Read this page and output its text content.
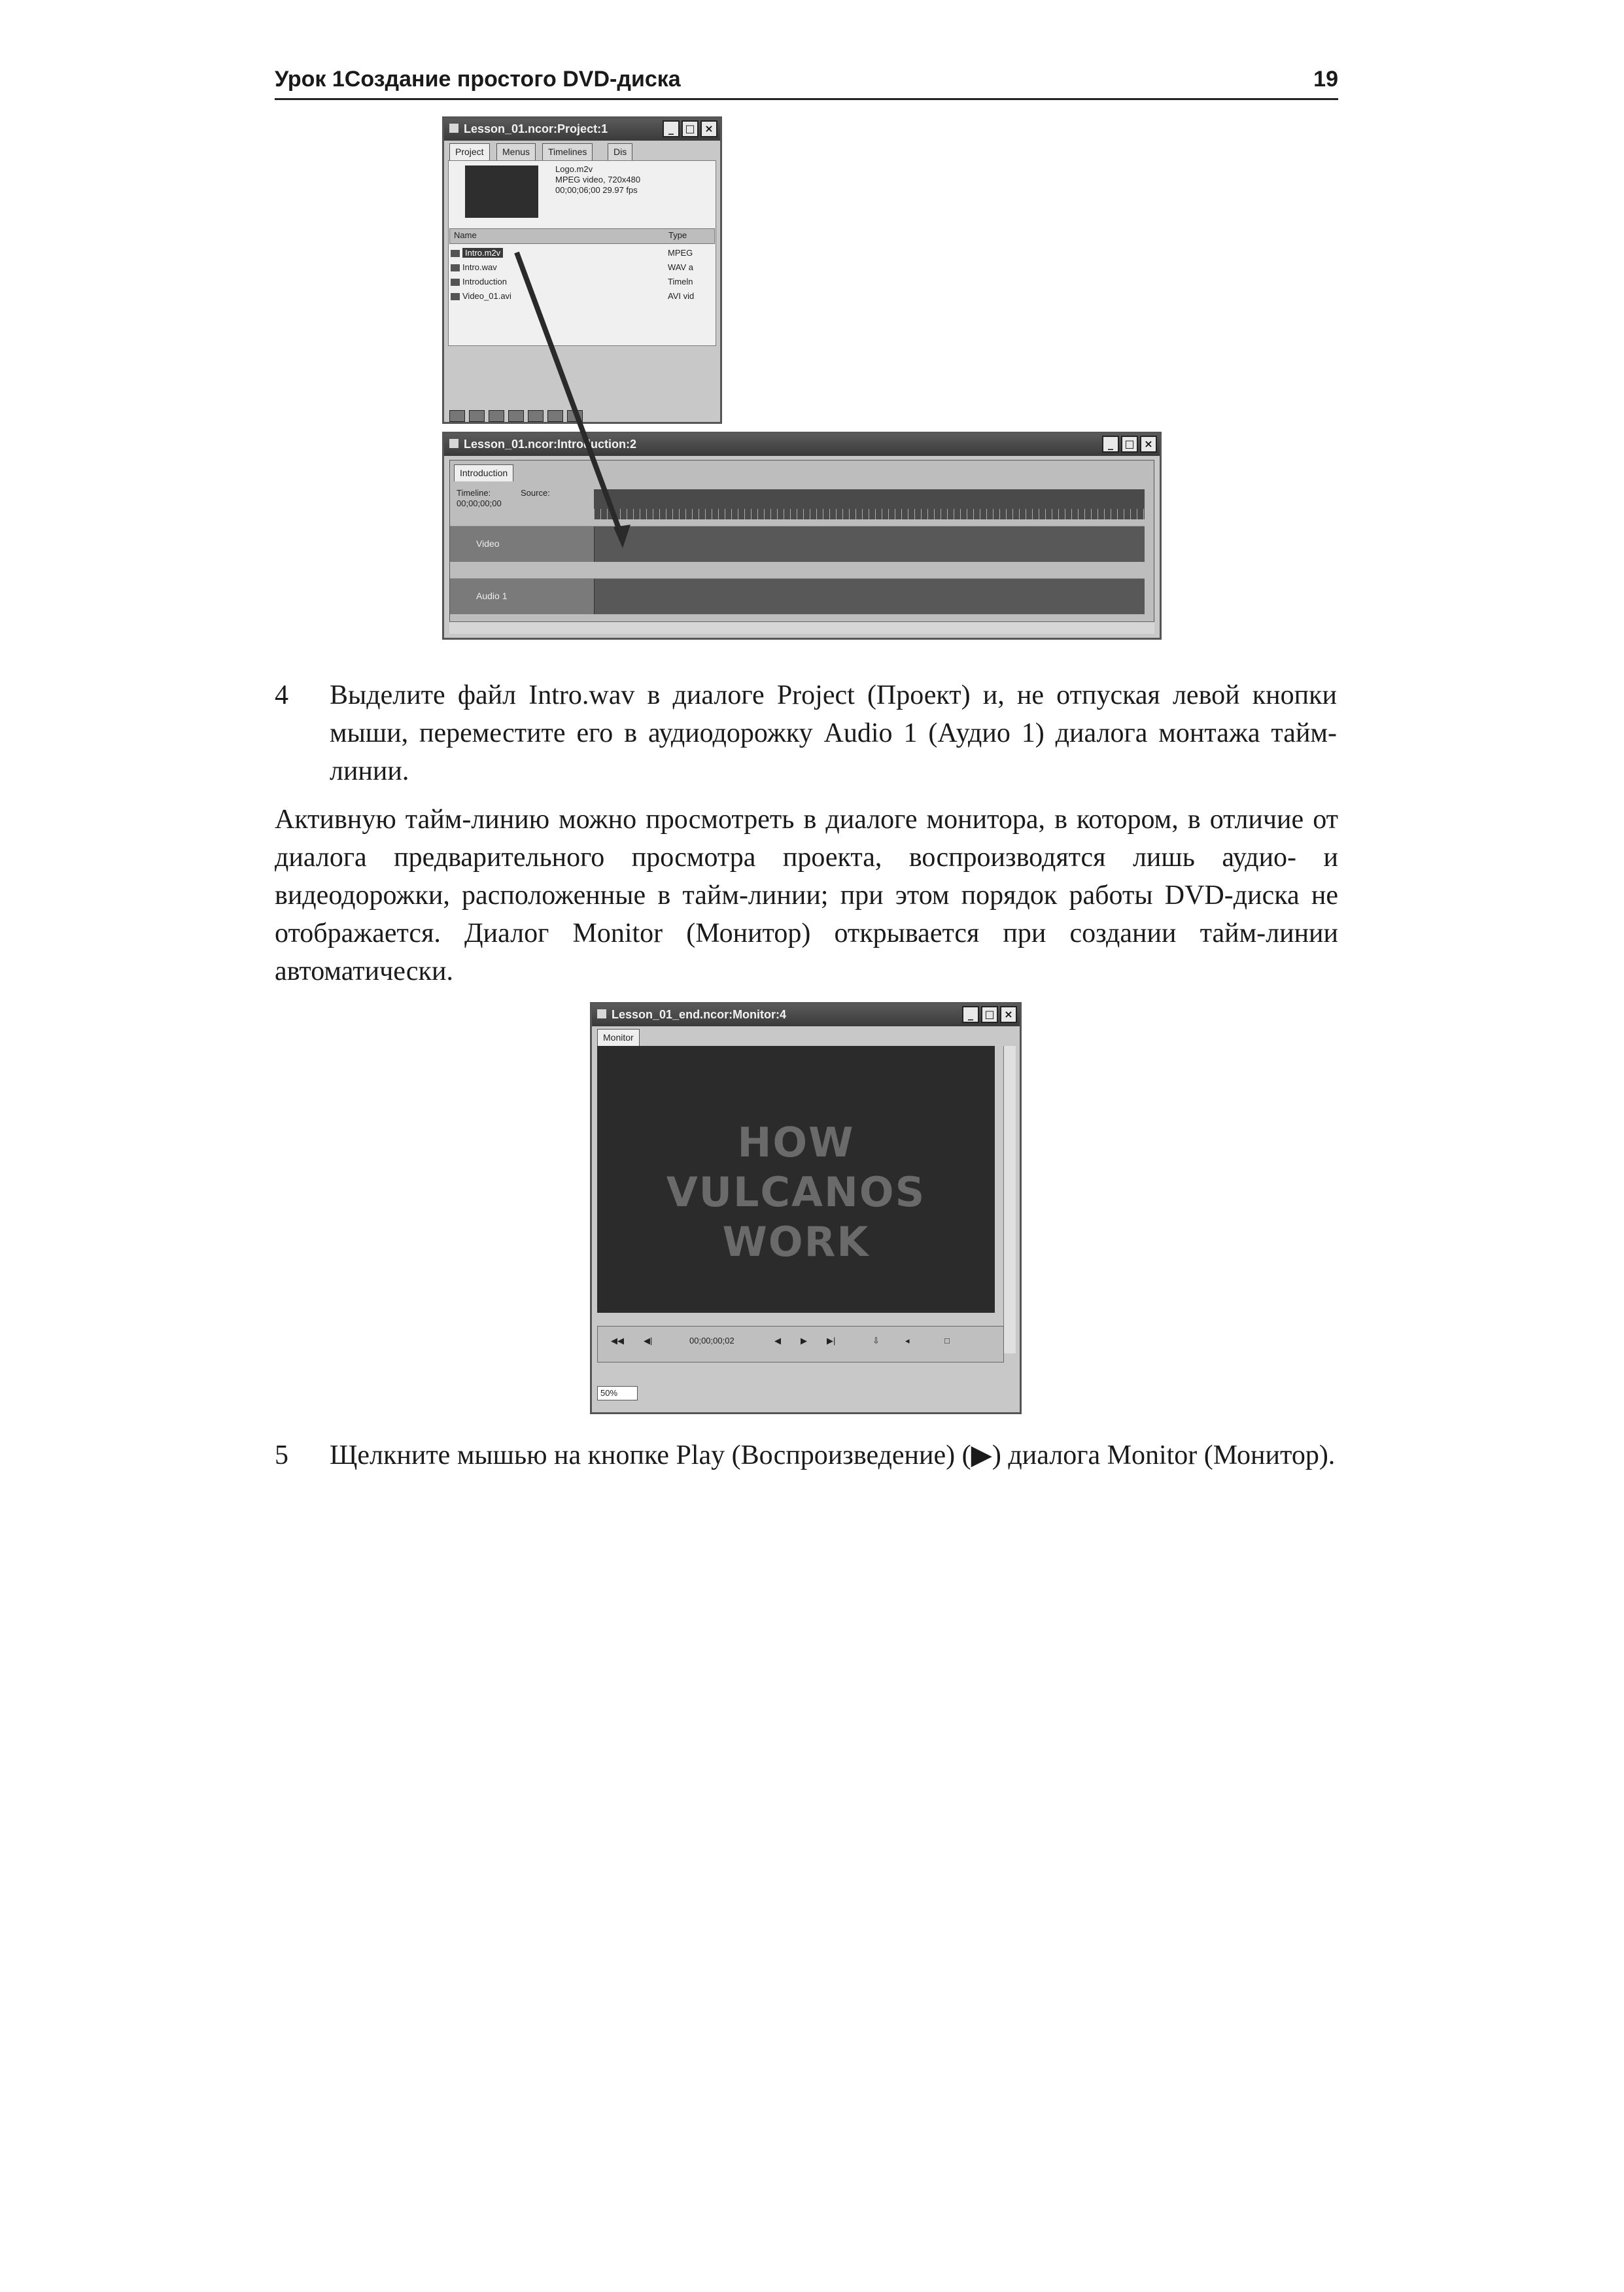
Урок 1Создание простого DVD-диска	19
Lesson_01.ncor:Project:1	_	□ ×
Project	Menus	Timelines	Dis
Logo.m2v
MPEG video, 720x480
00;00;06;00 29.97 fps
Name	Type
Intro.m2v	MPEG
Intro.wav	WAV a
Introduction	Timeln
Video_01.avi	AVI vid
Lesson_01.ncor:Introduction:2	_	□ ×
Introduction
Timeline:
00;00;00;00
Source:
Video
Audio 1
4 Выделите файл Intro.wav в диалоге Project (Проект) и, не отпуская левой кнопки мыши, переместите его в аудиодорожку Audio 1 (Аудио 1) диалога монтажа тайм-линии.
Активную тайм-линию можно просмотреть в диалоге монитора, в котором, в отличие от диалога предварительного просмотра проекта, воспроизводятся лишь аудио- и видеодорожки, расположенные в тайм-линии; при этом порядок работы DVD-диска не отображается. Диалог Monitor (Монитор) открывается при создании тайм-линии автоматически.
Lesson_01_end.ncor:Monitor:4	_	□ ×
Monitor
HOW
VULCANOS
WORK
◀◀ ◀|	00;00;00;02	◀ ▶ ▶|	⇩	◂	□
50%
5 Щелкните мышью на кнопке Play (Воспроизведение) (▶) диалога Monitor (Монитор).
